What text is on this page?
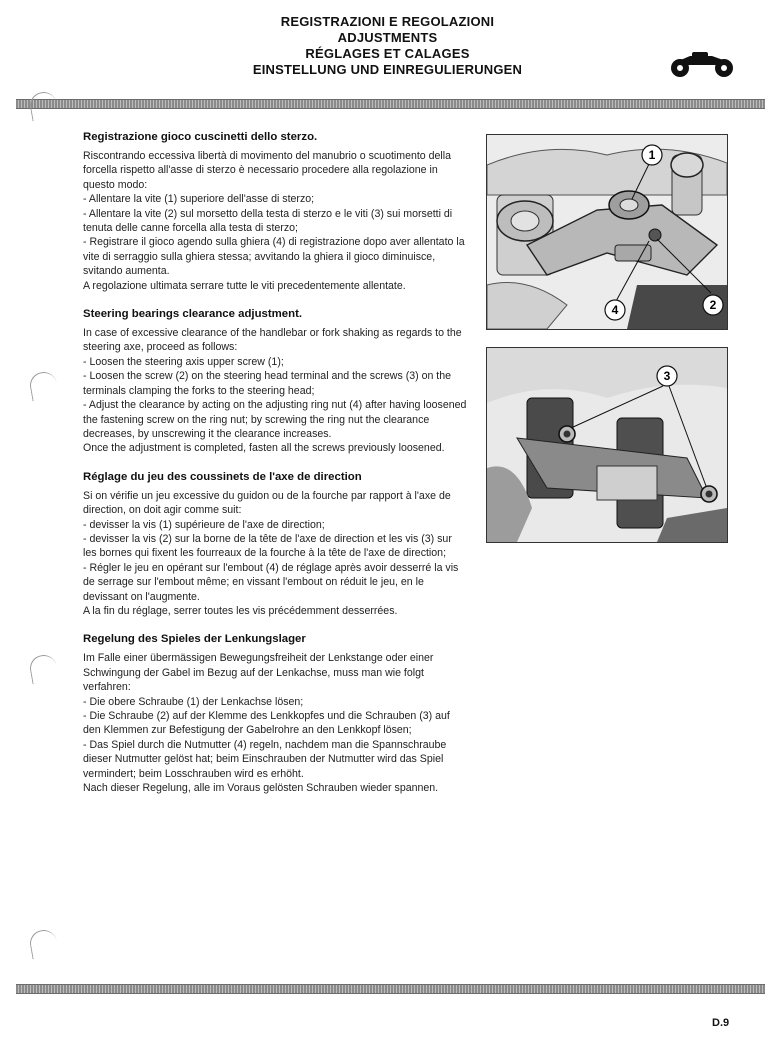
REGISTRAZIONI E REGOLAZIONI
ADJUSTMENTS
RÉGLAGES ET CALAGES
EINSTELLUNG UND EINREGULIERUNGEN
Registrazione gioco cuscinetti dello sterzo.

Riscontrando eccessiva libertà di movimento del manubrio o scuotimento della forcella rispetto all'asse di sterzo è necessario procedere alla regolazione in questo modo:

- Allentare la vite (1) superiore dell'asse di sterzo;

- Allentare la vite (2) sul morsetto della testa di sterzo e le viti (3) sui morsetti di tenuta delle canne forcella alla testa di sterzo;

- Registrare il gioco agendo sulla ghiera (4) di registrazione dopo aver allentato la vite di serraggio sulla ghiera stessa; avvitando la ghiera il gioco diminuisce, svitando aumenta.

A regolazione ultimata serrare tutte le viti precedentemente allentate.

Steering bearings clearance adjustment.

In case of excessive clearance of the handlebar or fork shaking as regards to the steering axe, proceed as follows:

- Loosen the steering axis upper screw (1);

- Loosen the screw (2) on the steering head terminal and the screws (3) on the terminals clamping the forks to the steering head;

- Adjust the clearance by acting on the adjusting ring nut (4) after having loosened the fastening screw on the ring nut; by screwing the ring nut the clearance decreases, by unscrewing it the clearance increases.

Once the adjustment is completed, fasten all the screws previously loosened.

Réglage du jeu des coussinets de l'axe de direction

Si on vérifie un jeu excessive du guidon ou de la fourche par rapport à l'axe de direction, on doit agir comme suit:

- devisser la vis (1) supérieure de l'axe de direction;

- devisser la vis (2) sur la borne de la tête de l'axe de direction et les vis (3) sur les bornes qui fixent les fourreaux de la fourche à la tête de l'axe de direction;

- Régler le jeu en opérant sur l'embout (4) de réglage après avoir desserré la vis de serrage sur l'embout même; en vissant l'embout on réduit le jeu, en le devissant on l'augmente.

A la fin du réglage, serrer toutes les vis précédemment desserrées.

Regelung des Spieles der Lenkungslager

Im Falle einer übermässigen Bewegungsfreiheit der Lenkstange oder einer Schwingung der Gabel im Bezug auf der Lenkachse, muss man wie folgt verfahren:

- Die obere Schraube (1) der Lenkachse lösen;

- Die Schraube (2) auf der Klemme des Lenkkopfes und die Schrauben (3) auf den Klemmen zur Befestigung der Gabelrohre an den Lenkkopf lösen;

- Das Spiel durch die Nutmutter (4) regeln, nachdem man die Spannschraube dieser Nutmutter gelöst hat; beim Einschrauben der Nutmutter wird das Spiel vermindert; beim Losschrauben wird es erhöht.

Nach dieser Regelung, alle im Voraus gelösten Schrauben wieder spannen.

1
4	2
3
D.9
